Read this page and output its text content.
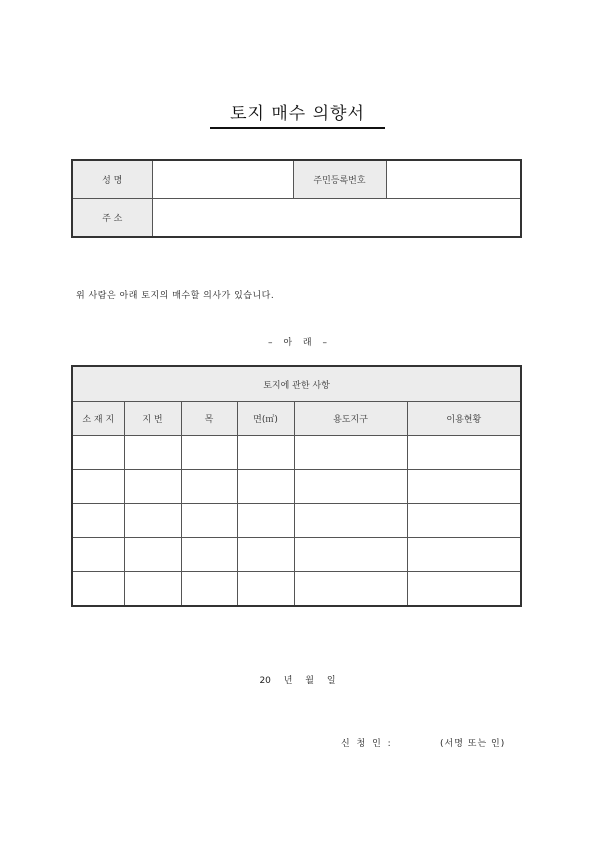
토지 매수 의향서
성 명		주민등록번호	
주 소			
위 사람은 아래 토지의 매수할 의사가 있습니다.
– 아 래 –
토지에 관한 사항					
소 재 지	지 번	목	면(㎡)	용도지구	이용현황

20 년 월 일
신 청 인 :	(서명 또는 인)
